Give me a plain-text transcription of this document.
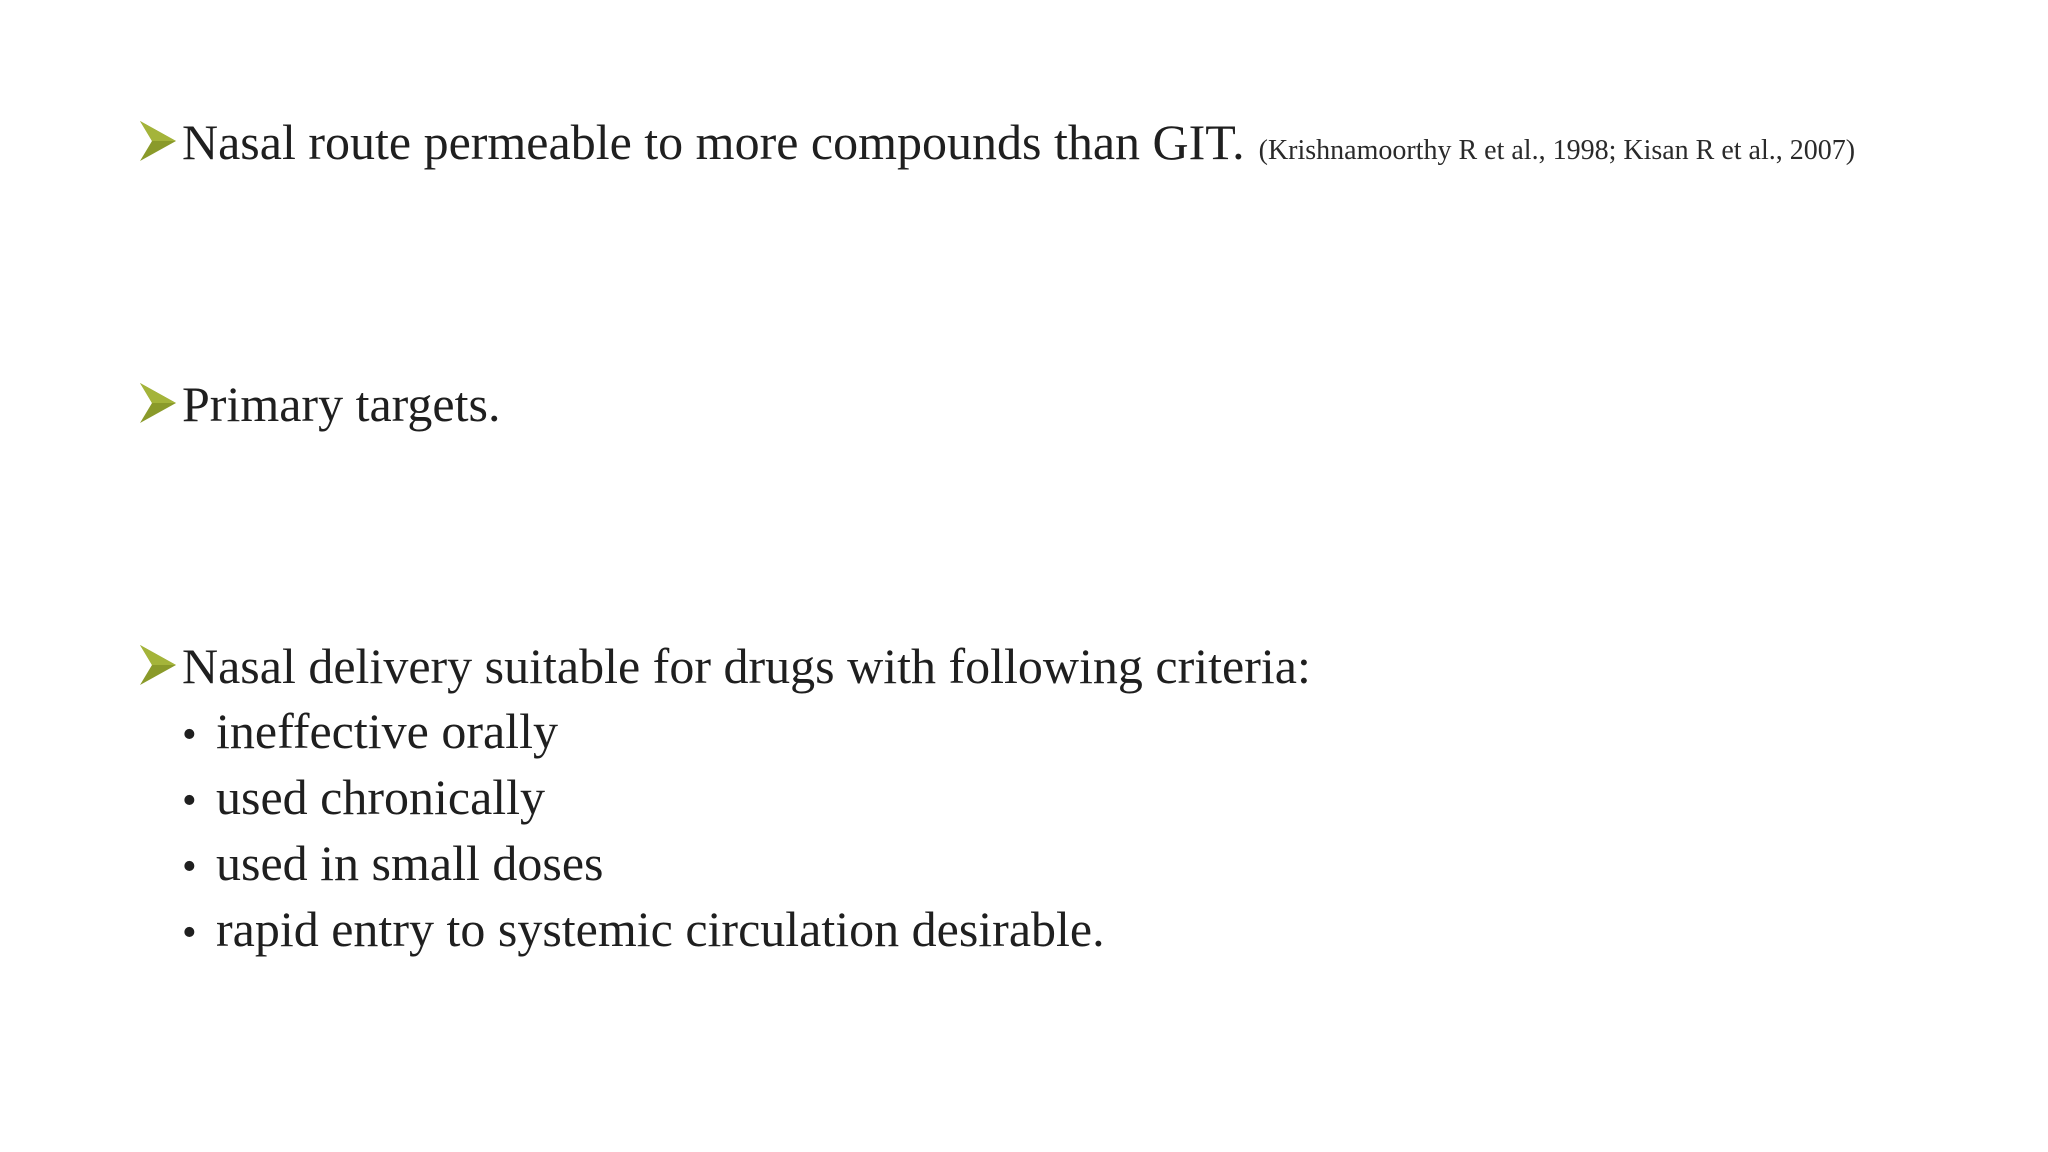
Nasal route permeable to more compounds than GIT. (Krishnamoorthy R et al., 1998; Kisan R et al., 2007)
Primary targets.
Nasal delivery suitable for drugs with following criteria:
• ineffective orally
• used chronically
• used in small doses
• rapid entry to systemic circulation desirable.
